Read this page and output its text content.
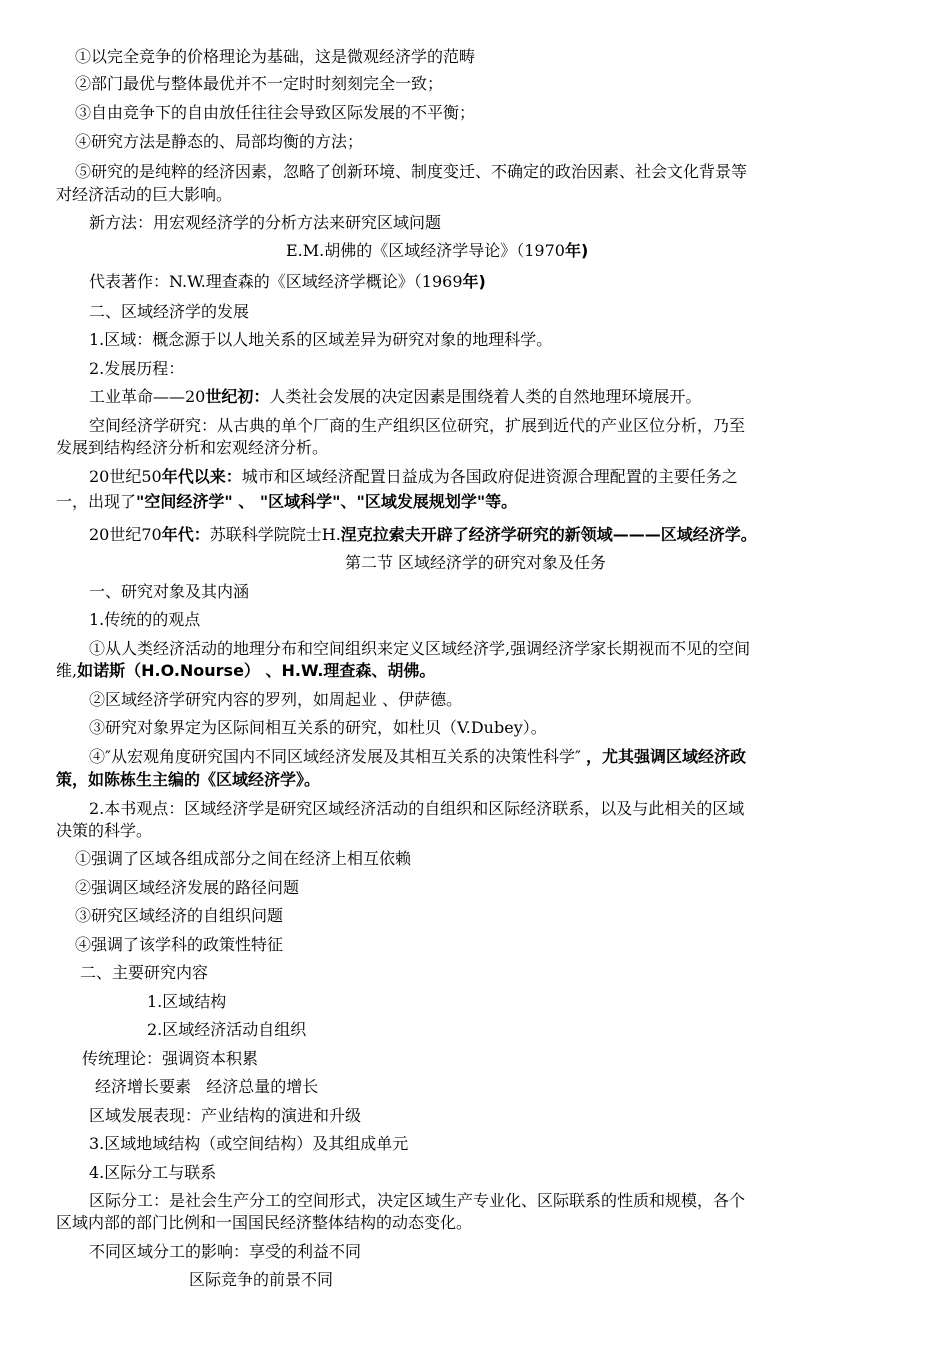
①以完全竞争的价格理论为基础，这是微观经济学的范畴
②部门最优与整体最优并不一定时时刻刻完全一致；
③自由竞争下的自由放任往往会导致区际发展的不平衡；
④研究方法是静态的、局部均衡的方法；
⑤研究的是纯粹的经济因素，忽略了创新环境、制度变迁、不确定的政治因素、社会文化背景等
对经济活动的巨大影响。
新方法：用宏观经济学的分析方法来研究区域问题
E.M.胡佛的《区域经济学导论》（1970年)
代表著作：N.W.理查森的《区域经济学概论》（1969年)
二、区域经济学的发展
1.区域：概念源于以人地关系的区域差异为研究对象的地理科学。
2.发展历程：
工业革命——20世纪初：人类社会发展的决定因素是围绕着人类的自然地理环境展开。
空间经济学研究：从古典的单个厂商的生产组织区位研究，扩展到近代的产业区位分析，乃至
发展到结构经济分析和宏观经济分析。
20世纪50年代以来：城市和区域经济配置日益成为各国政府促进资源合理配置的主要任务之
一，出现了"空间经济学" 、 "区域科学"、"区域发展规划学"等。
20世纪70年代：苏联科学院院士H.涅克拉索夫开辟了经济学研究的新领域———区域经济学。
第二节 区域经济学的研究对象及任务
一、研究对象及其内涵
1.传统的的观点
①从人类经济活动的地理分布和空间组织来定义区域经济学,强调经济学家长期视而不见的空间
维,如诺斯（H.O.Nourse） 、H.W.理查森、胡佛。
②区域经济学研究内容的罗列，如周起业 、伊萨德。
③研究对象界定为区际间相互关系的研究，如杜贝（V.Dubey）。
④″从宏观角度研究国内不同区域经济发展及其相互关系的决策性科学″ ，尤其强调区域经济政
策，如陈栋生主编的《区域经济学》。
2.本书观点：区域经济学是研究区域经济活动的自组织和区际经济联系，以及与此相关的区域
决策的科学。
①强调了区域各组成部分之间在经济上相互依赖
②强调区域经济发展的路径问题
③研究区域经济的自组织问题
④强调了该学科的政策性特征
二、主要研究内容
1.区域结构
2.区域经济活动自组织
传统理论：强调资本积累
经济增长要素   经济总量的增长
区域发展表现：产业结构的演进和升级
3.区域地域结构（或空间结构）及其组成单元
4.区际分工与联系
区际分工：是社会生产分工的空间形式，决定区域生产专业化、区际联系的性质和规模，各个
区域内部的部门比例和一国国民经济整体结构的动态变化。
不同区域分工的影响：享受的利益不同
区际竞争的前景不同
